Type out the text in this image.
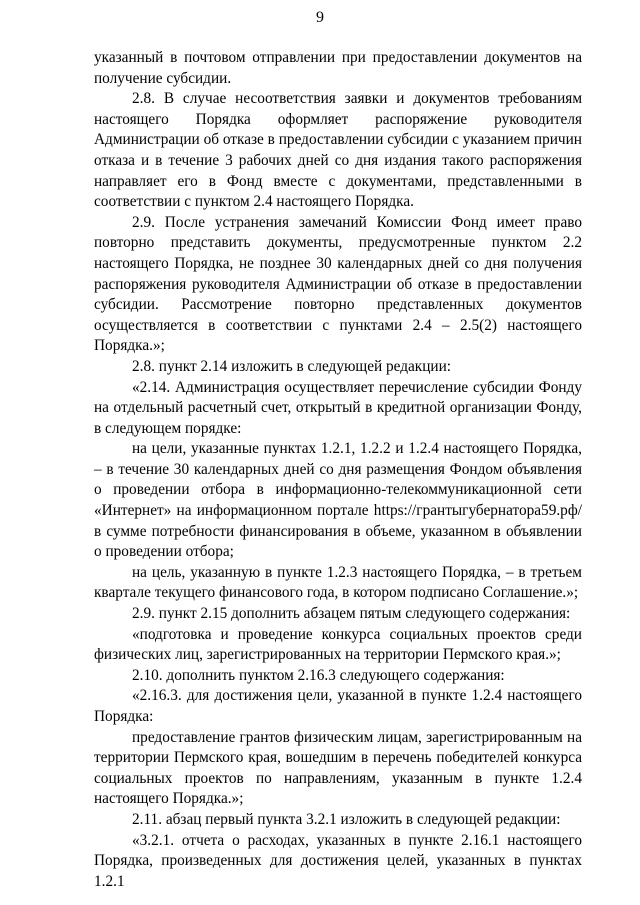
9

указанный в почтовом отправлении при предоставлении документов на получение субсидии.

2.8. В случае несоответствия заявки и документов требованиям настоящего Порядка оформляет распоряжение руководителя Администрации об отказе в предоставлении субсидии с указанием причин отказа и в течение 3 рабочих дней со дня издания такого распоряжения направляет его в Фонд вместе с документами, представленными в соответствии с пунктом 2.4 настоящего Порядка.

2.9. После устранения замечаний Комиссии Фонд имеет право повторно представить документы, предусмотренные пунктом 2.2 настоящего Порядка, не позднее 30 календарных дней со дня получения распоряжения руководителя Администрации об отказе в предоставлении субсидии. Рассмотрение повторно представленных документов осуществляется в соответствии с пунктами 2.4 – 2.5(2) настоящего Порядка.»;

2.8. пункт 2.14 изложить в следующей редакции:

«2.14. Администрация осуществляет перечисление субсидии Фонду на отдельный расчетный счет, открытый в кредитной организации Фонду, в следующем порядке:

на цели, указанные пунктах 1.2.1, 1.2.2 и 1.2.4 настоящего Порядка, – в течение 30 календарных дней со дня размещения Фондом объявления о проведении отбора в информационно-телекоммуникационной сети «Интернет» на информационном портале https://грантыгубернатора59.рф/ в сумме потребности финансирования в объеме, указанном в объявлении о проведении отбора;

на цель, указанную в пункте 1.2.3 настоящего Порядка, – в третьем квартале текущего финансового года, в котором подписано Соглашение.»;

2.9. пункт 2.15 дополнить абзацем пятым следующего содержания:

«подготовка и проведение конкурса социальных проектов среди физических лиц, зарегистрированных на территории Пермского края.»;

2.10. дополнить пунктом 2.16.3 следующего содержания:

«2.16.3. для достижения цели, указанной в пункте 1.2.4 настоящего Порядка:

предоставление грантов физическим лицам, зарегистрированным на территории Пермского края, вошедшим в перечень победителей конкурса социальных проектов по направлениям, указанным в пункте 1.2.4 настоящего Порядка.»;

2.11. абзац первый пункта 3.2.1 изложить в следующей редакции:

«3.2.1. отчета о расходах, указанных в пункте 2.16.1 настоящего Порядка, произведенных для достижения целей, указанных в пунктах 1.2.1
